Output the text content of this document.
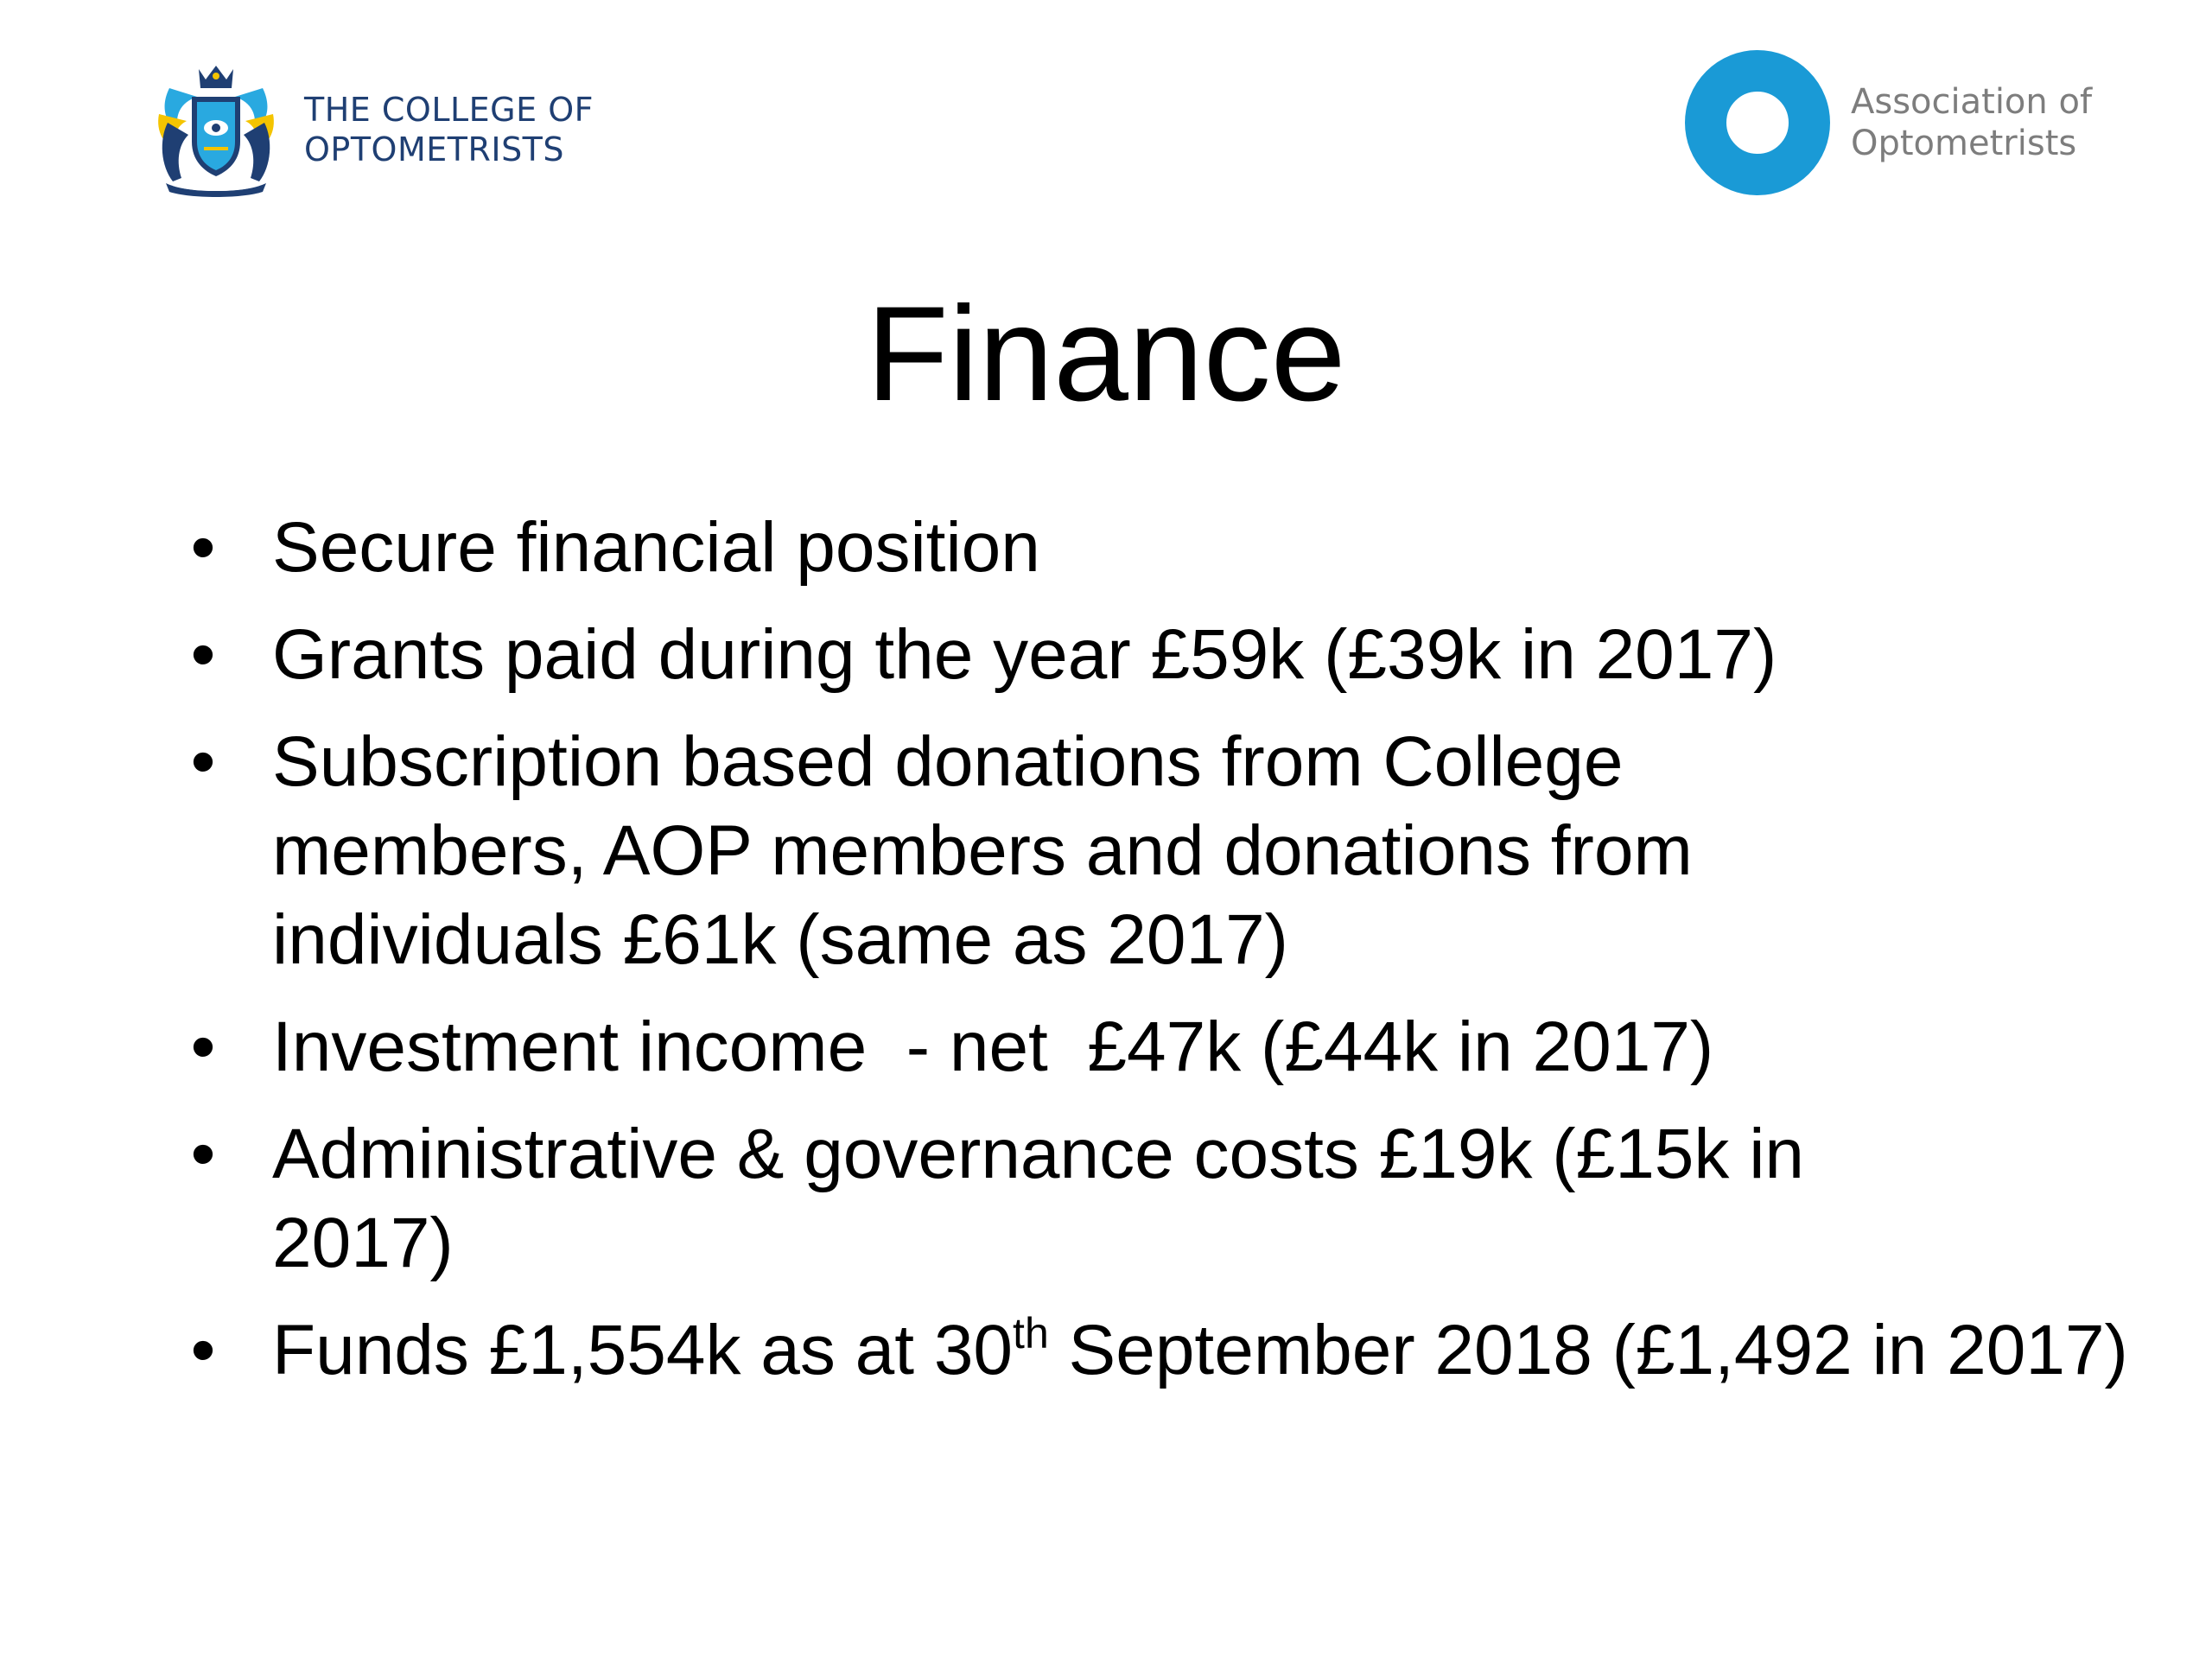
THE COLLEGE OF
OPTOMETRISTS
Association of
Optometrists
Finance
• Secure financial position
• Grants paid during the year £59k (£39k in 2017)
• Subscription based donations from College members, AOP members and donations from individuals £61k (same as 2017)
• Investment income  - net  £47k (£44k in 2017)
• Administrative & governance costs £19k (£15k in 2017)
• Funds £1,554k as at 30th September 2018 (£1,492 in 2017)
